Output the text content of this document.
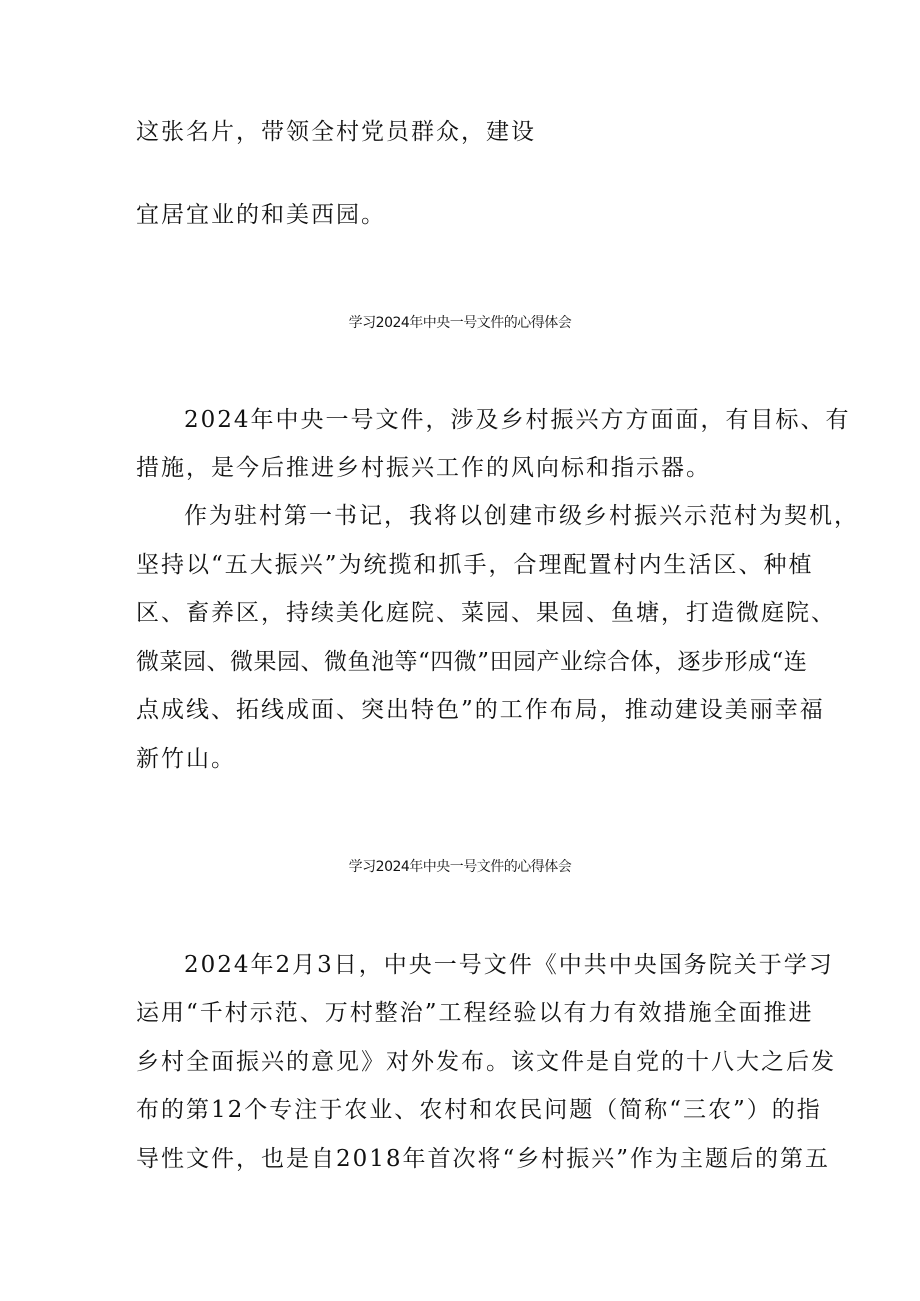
这张名片，带领全村党员群众，建设
宜居宜业的和美西园。
学习2024年中央一号文件的心得体会
2024年中央一号文件，涉及乡村振兴方方面面，有目标、有
措施，是今后推进乡村振兴工作的风向标和指示器。
作为驻村第一书记，我将以创建市级乡村振兴示范村为契机，
坚持以“五大振兴”为统揽和抓手，合理配置村内生活区、种植
区、畜养区，持续美化庭院、菜园、果园、鱼塘，打造微庭院、
微菜园、微果园、微鱼池等“四微”田园产业综合体，逐步形成“连
点成线、拓线成面、突出特色”的工作布局，推动建设美丽幸福
新竹山。
学习2024年中央一号文件的心得体会
2024年2月3日，中央一号文件《中共中央国务院关于学习
运用“千村示范、万村整治”工程经验以有力有效措施全面推进
乡村全面振兴的意见》对外发布。该文件是自党的十八大之后发
布的第12个专注于农业、农村和农民问题（简称“三农”）的指
导性文件，也是自2018年首次将“乡村振兴”作为主题后的第五
